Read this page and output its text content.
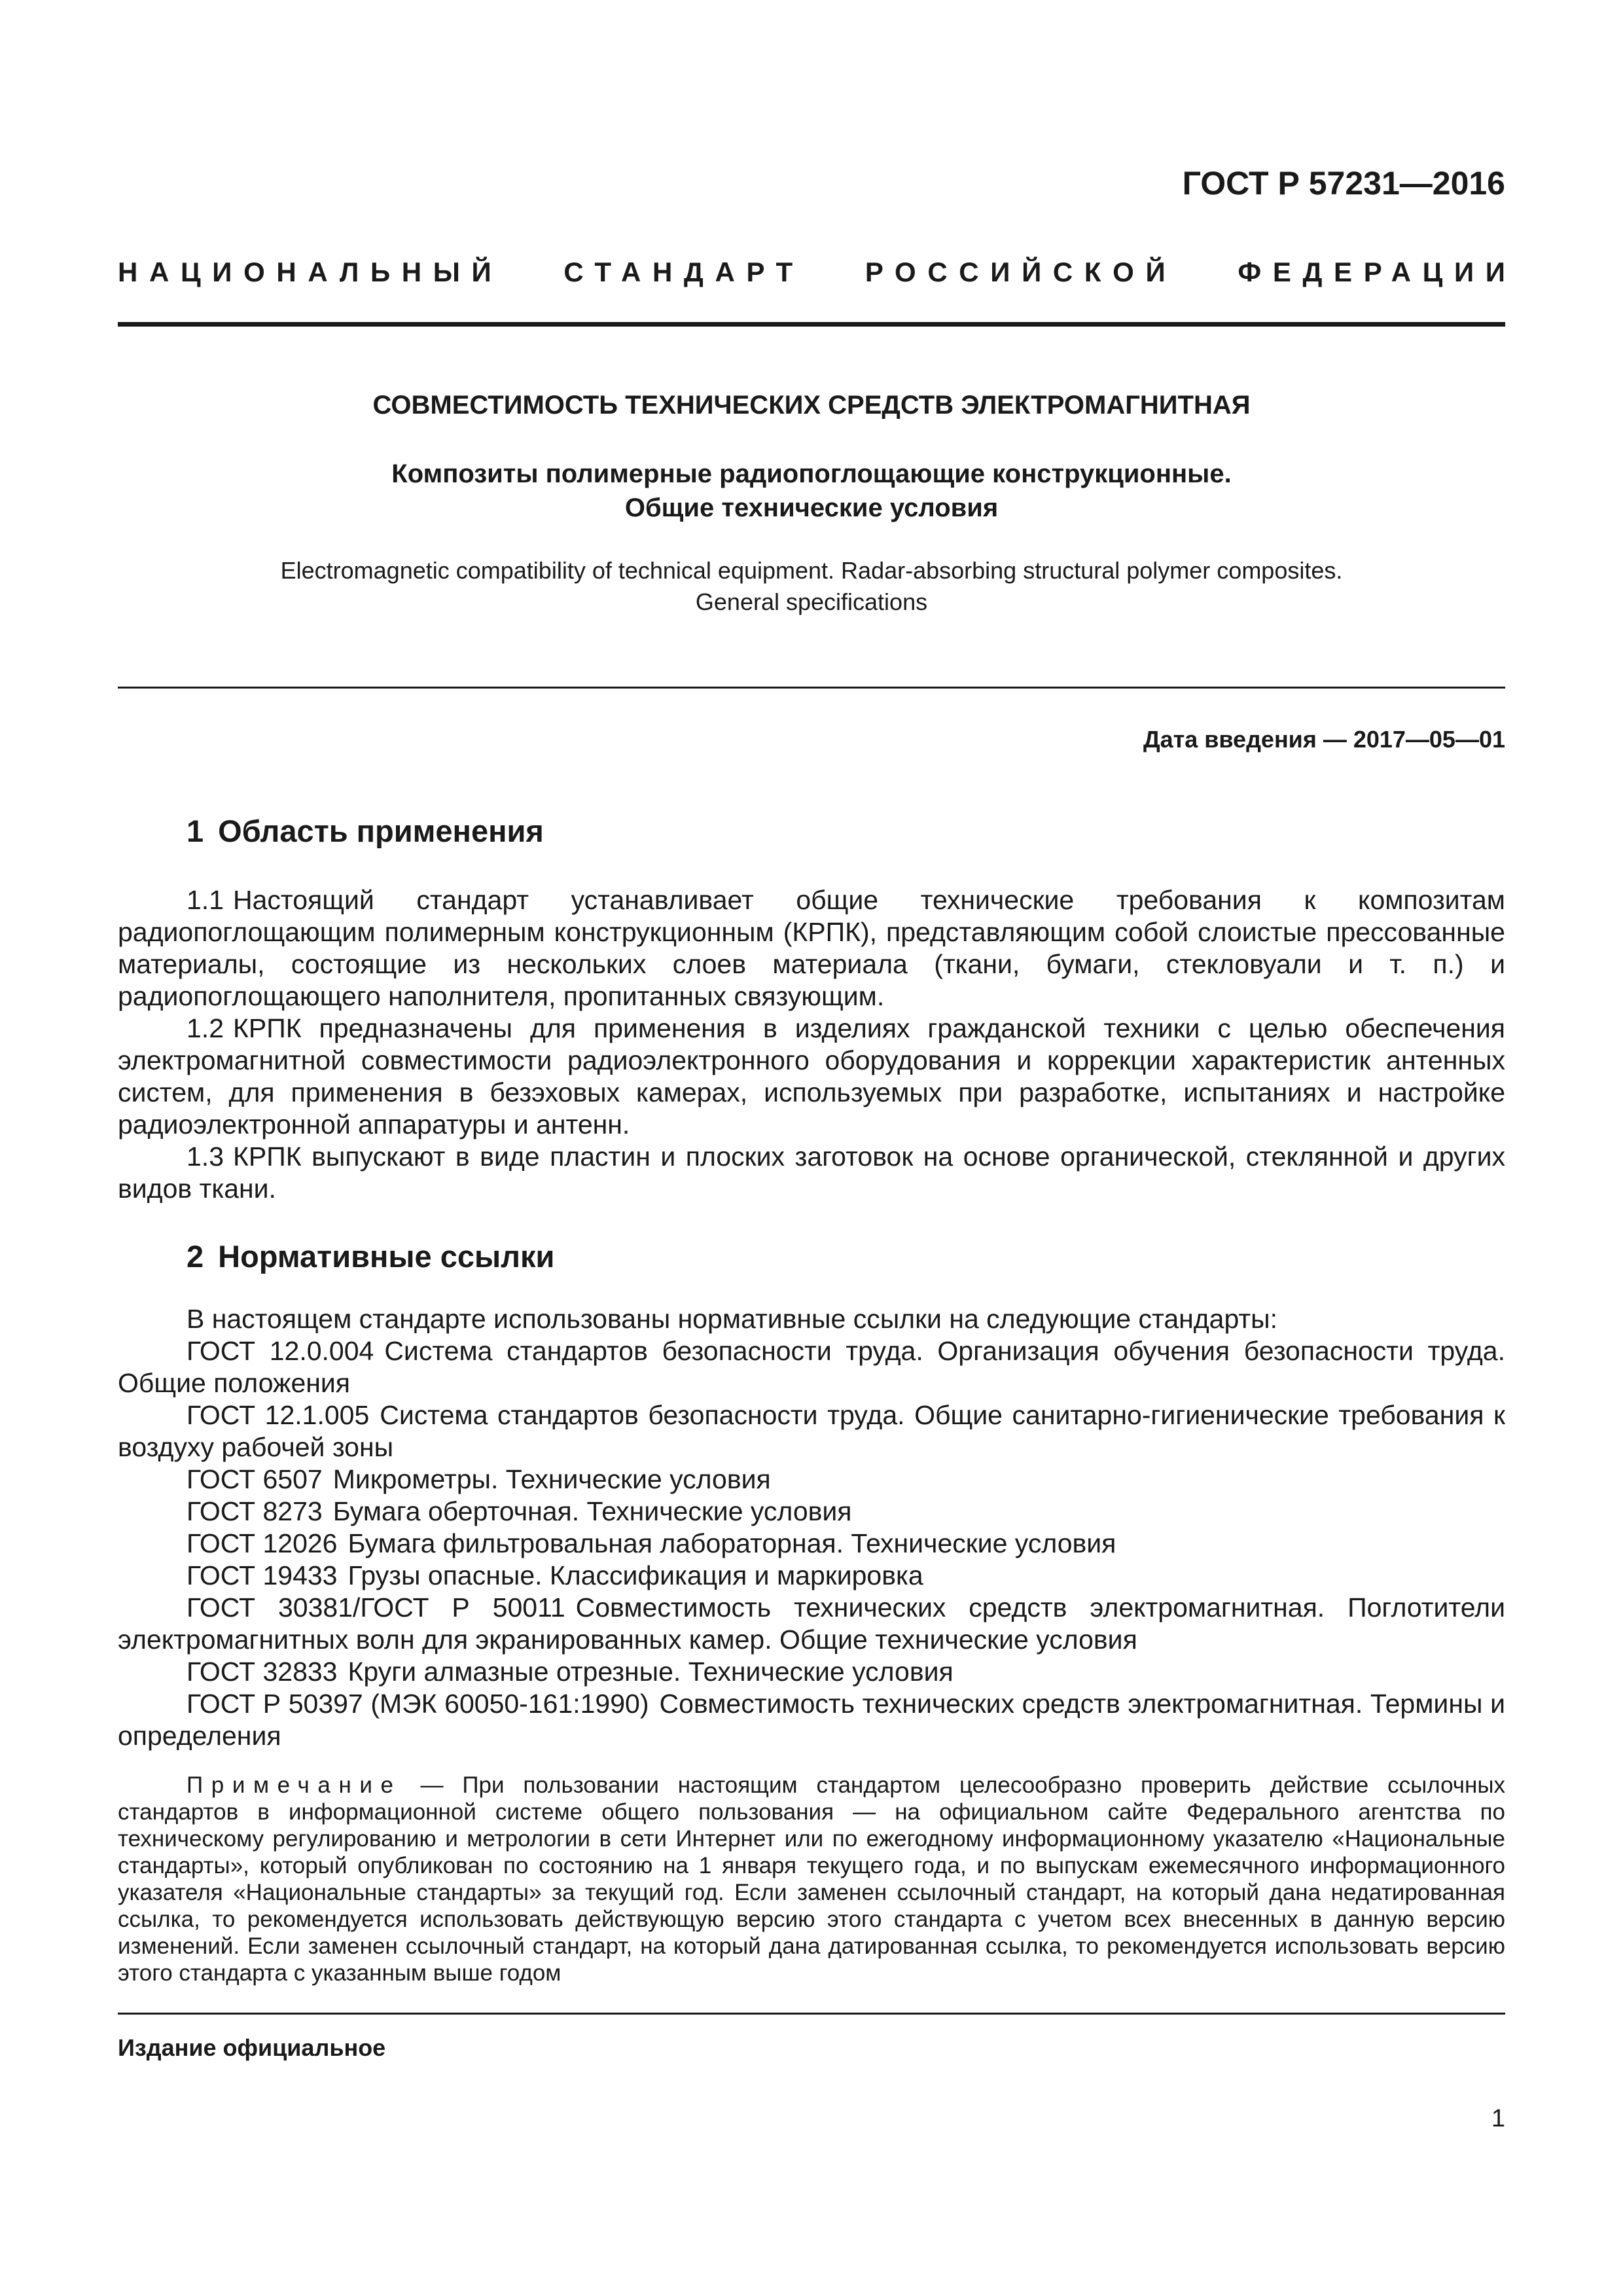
ГОСТ Р 57231—2016
НАЦИОНАЛЬНЫЙ СТАНДАРТ РОССИЙСКОЙ ФЕДЕРАЦИИ
СОВМЕСТИМОСТЬ ТЕХНИЧЕСКИХ СРЕДСТВ ЭЛЕКТРОМАГНИТНАЯ
Композиты полимерные радиопоглощающие конструкционные.
Общие технические условия
Electromagnetic compatibility of technical equipment. Radar-absorbing structural polymer composites.
General specifications
Дата введения — 2017—05—01
1 Область применения

1.1 Настоящий стандарт устанавливает общие технические требования к композитам радиопоглощающим полимерным конструкционным (КРПК), представляющим собой слоистые прессованные материалы, состоящие из нескольких слоев материала (ткани, бумаги, стекловуали и т. п.) и радиопоглощающего наполнителя, пропитанных связующим.

1.2 КРПК предназначены для применения в изделиях гражданской техники с целью обеспечения электромагнитной совместимости радиоэлектронного оборудования и коррекции характеристик антенных систем, для применения в безэховых камерах, используемых при разработке, испытаниях и настройке радиоэлектронной аппаратуры и антенн.

1.3 КРПК выпускают в виде пластин и плоских заготовок на основе органической, стеклянной и других видов ткани.

2 Нормативные ссылки

В настоящем стандарте использованы нормативные ссылки на следующие стандарты:

ГОСТ 12.0.004 Система стандартов безопасности труда. Организация обучения безопасности труда. Общие положения

ГОСТ 12.1.005 Система стандартов безопасности труда. Общие санитарно-гигиенические требования к воздуху рабочей зоны

ГОСТ 6507 Микрометры. Технические условия

ГОСТ 8273 Бумага оберточная. Технические условия

ГОСТ 12026 Бумага фильтровальная лабораторная. Технические условия

ГОСТ 19433 Грузы опасные. Классификация и маркировка

ГОСТ 30381/ГОСТ Р 50011 Совместимость технических средств электромагнитная. Поглотители электромагнитных волн для экранированных камер. Общие технические условия

ГОСТ 32833 Круги алмазные отрезные. Технические условия

ГОСТ Р 50397 (МЭК 60050-161:1990) Совместимость технических средств электромагнитная. Термины и определения

Примечание — При пользовании настоящим стандартом целесообразно проверить действие ссылочных стандартов в информационной системе общего пользования — на официальном сайте Федерального агентства по техническому регулированию и метрологии в сети Интернет или по ежегодному информационному указателю «Национальные стандарты», который опубликован по состоянию на 1 января текущего года, и по выпускам ежемесячного информационного указателя «Национальные стандарты» за текущий год. Если заменен ссылочный стандарт, на который дана недатированная ссылка, то рекомендуется использовать действующую версию этого стандарта с учетом всех внесенных в данную версию изменений. Если заменен ссылочный стандарт, на который дана датированная ссылка, то рекомендуется использовать версию этого стандарта с указанным выше годом

Издание официальное
1
